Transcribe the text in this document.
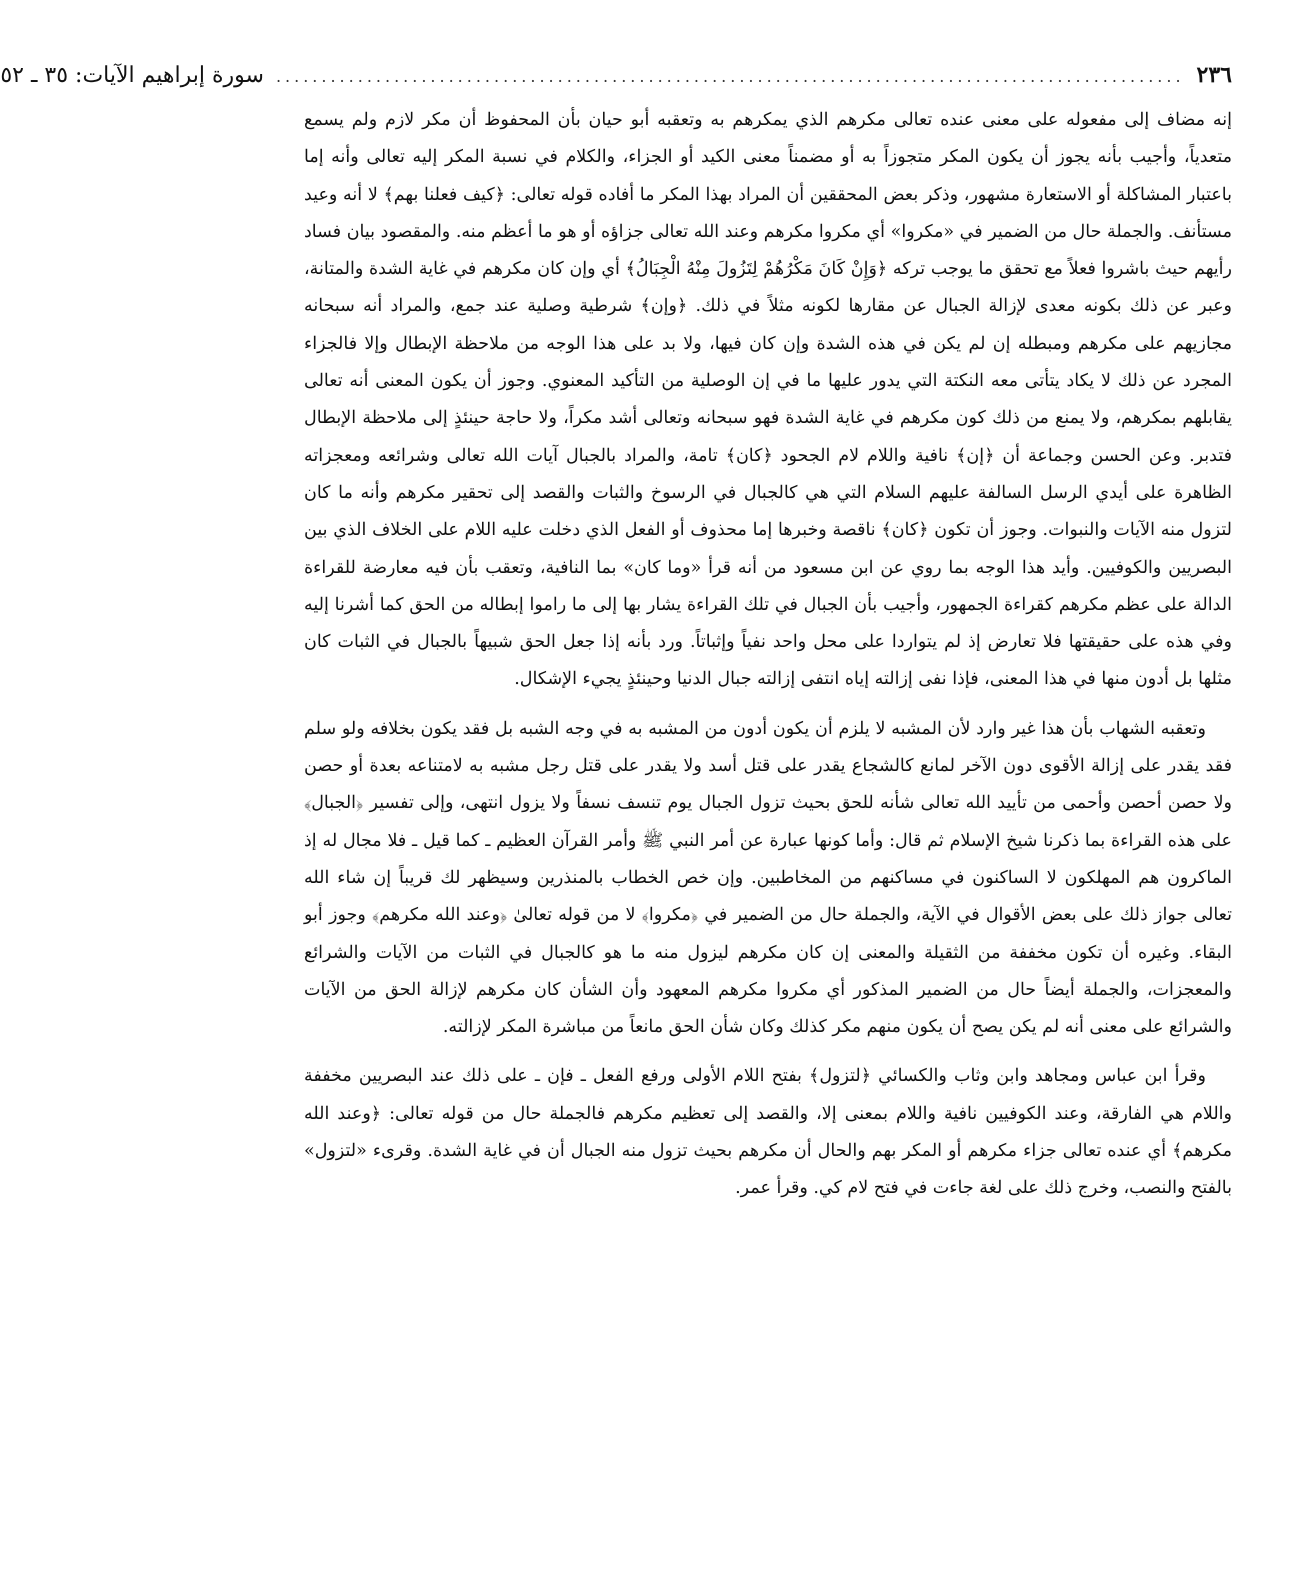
٢٣٦
....................................................................................................
سورة إبراهيم الآيات: ٣٥ ـ ٥٢

إنه مضاف إلى مفعوله على معنى عنده تعالى مكرهم الذي يمكرهم به وتعقبه أبو حيان بأن المحفوظ أن مكر لازم ولم يسمع متعدياً، وأجيب بأنه يجوز أن يكون المكر متجوزاً به أو مضمناً معنى الكيد أو الجزاء، والكلام في نسبة المكر إليه تعالى وأنه إما باعتبار المشاكلة أو الاستعارة مشهور، وذكر بعض المحققين أن المراد بهذا المكر ما أفاده قوله تعالى: ﴿كيف فعلنا بهم﴾ لا أنه وعيد مستأنف. والجملة حال من الضمير في «مكروا» أي مكروا مكرهم وعند الله تعالى جزاؤه أو هو ما أعظم منه. والمقصود بيان فساد رأيهم حيث باشروا فعلاً مع تحقق ما يوجب تركه ﴿وَإِنْ كَانَ مَكْرُهُمْ لِتَزُولَ مِنْهُ الْجِبَالُ﴾ أي وإن كان مكرهم في غاية الشدة والمتانة، وعبر عن ذلك بكونه معدى لإزالة الجبال عن مقارها لكونه مثلاً في ذلك. ﴿وإن﴾ شرطية وصلية عند جمع، والمراد أنه سبحانه مجازيهم على مكرهم ومبطله إن لم يكن في هذه الشدة وإن كان فيها، ولا بد على هذا الوجه من ملاحظة الإبطال وإلا فالجزاء المجرد عن ذلك لا يكاد يتأتى معه النكتة التي يدور عليها ما في إن الوصلية من التأكيد المعنوي. وجوز أن يكون المعنى أنه تعالى يقابلهم بمكرهم، ولا يمنع من ذلك كون مكرهم في غاية الشدة فهو سبحانه وتعالى أشد مكراً، ولا حاجة حينئذٍ إلى ملاحظة الإبطال فتدبر. وعن الحسن وجماعة أن ﴿إن﴾ نافية واللام لام الجحود ﴿كان﴾ تامة، والمراد بالجبال آيات الله تعالى وشرائعه ومعجزاته الظاهرة على أيدي الرسل السالفة عليهم السلام التي هي كالجبال في الرسوخ والثبات والقصد إلى تحقير مكرهم وأنه ما كان لتزول منه الآيات والنبوات. وجوز أن تكون ﴿كان﴾ ناقصة وخبرها إما محذوف أو الفعل الذي دخلت عليه اللام على الخلاف الذي بين البصريين والكوفيين. وأيد هذا الوجه بما روي عن ابن مسعود من أنه قرأ «وما كان» بما النافية، وتعقب بأن فيه معارضة للقراءة الدالة على عظم مكرهم كقراءة الجمهور، وأجيب بأن الجبال في تلك القراءة يشار بها إلى ما راموا إبطاله من الحق كما أشرنا إليه وفي هذه على حقيقتها فلا تعارض إذ لم يتواردا على محل واحد نفياً وإثباتاً. ورد بأنه إذا جعل الحق شبيهاً بالجبال في الثبات كان مثلها بل أدون منها في هذا المعنى، فإذا نفى إزالته إياه انتفى إزالته جبال الدنيا وحينئذٍ يجيء الإشكال.

وتعقبه الشهاب بأن هذا غير وارد لأن المشبه لا يلزم أن يكون أدون من المشبه به في وجه الشبه بل فقد يكون بخلافه ولو سلم فقد يقدر على إزالة الأقوى دون الآخر لمانع كالشجاع يقدر على قتل أسد ولا يقدر على قتل رجل مشبه به لامتناعه بعدة أو حصن ولا حصن أحصن وأحمى من تأييد الله تعالى شأنه للحق بحيث تزول الجبال يوم تنسف نسفاً ولا يزول انتهى، وإلى تفسير ﴿الجبال﴾ على هذه القراءة بما ذكرنا شيخ الإسلام ثم قال: وأما كونها عبارة عن أمر النبي ﷺ وأمر القرآن العظيم ـ كما قيل ـ فلا مجال له إذ الماكرون هم المهلكون لا الساكنون في مساكنهم من المخاطبين. وإن خص الخطاب بالمنذرين وسيظهر لك قريباً إن شاء الله تعالى جواز ذلك على بعض الأقوال في الآية، والجملة حال من الضمير في ﴿مكروا﴾ لا من قوله تعالىٰ ﴿وعند الله مكرهم﴾ وجوز أبو البقاء. وغيره أن تكون مخففة من الثقيلة والمعنى إن كان مكرهم ليزول منه ما هو كالجبال في الثبات من الآيات والشرائع والمعجزات، والجملة أيضاً حال من الضمير المذكور أي مكروا مكرهم المعهود وأن الشأن كان مكرهم لإزالة الحق من الآيات والشرائع على معنى أنه لم يكن يصح أن يكون منهم مكر كذلك وكان شأن الحق مانعاً من مباشرة المكر لإزالته.

وقرأ ابن عباس ومجاهد وابن وثاب والكسائي ﴿لتزول﴾ بفتح اللام الأولى ورفع الفعل ـ فإن ـ على ذلك عند البصريين مخففة واللام هي الفارقة، وعند الكوفيين نافية واللام بمعنى إلا، والقصد إلى تعظيم مكرهم فالجملة حال من قوله تعالى: ﴿وعند الله مكرهم﴾ أي عنده تعالى جزاء مكرهم أو المكر بهم والحال أن مكرهم بحيث تزول منه الجبال أن في غاية الشدة. وقرىء «لتزول» بالفتح والنصب، وخرج ذلك على لغة جاءت في فتح لام كي. وقرأ عمر.
